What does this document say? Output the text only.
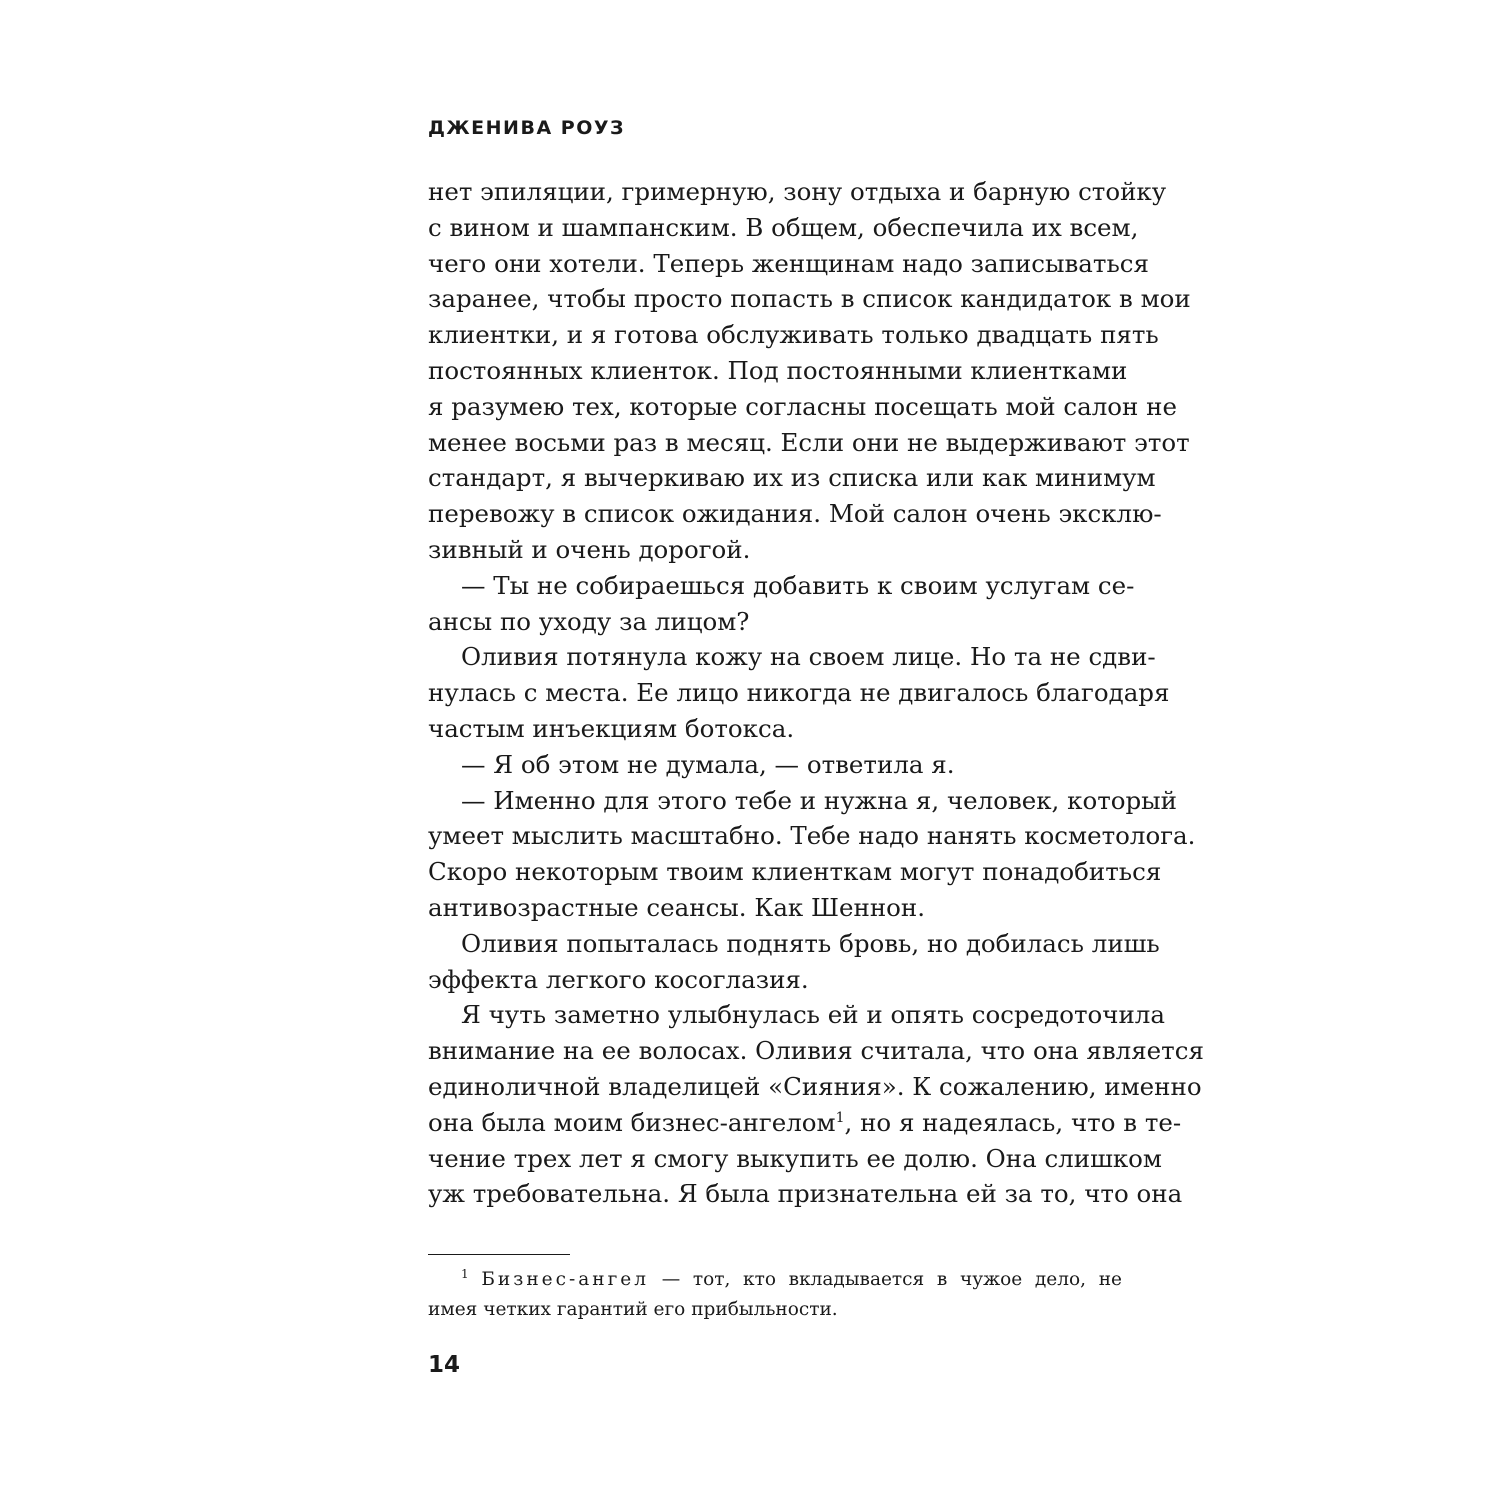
ДЖЕНИВА РОУЗ
нет эпиляции, гримерную, зону отдыха и барную стойку
с вином и шампанским. В общем, обеспечила их всем,
чего они хотели. Теперь женщинам надо записываться
заранее, чтобы просто попасть в список кандидаток в мои
клиентки, и я готова обслуживать только двадцать пять
постоянных клиенток. Под постоянными клиентками
я разумею тех, которые согласны посещать мой салон не
менее восьми раз в месяц. Если они не выдерживают этот
стандарт, я вычеркиваю их из списка или как минимум
перевожу в список ожидания. Мой салон очень эксклю-
зивный и очень дорогой.
— Ты не собираешься добавить к своим услугам се-
ансы по уходу за лицом?
Оливия потянула кожу на своем лице. Но та не сдви-
нулась с места. Ее лицо никогда не двигалось благодаря
частым инъекциям ботокса.
— Я об этом не думала, — ответила я.
— Именно для этого тебе и нужна я, человек, который
умеет мыслить масштабно. Тебе надо нанять косметолога.
Скоро некоторым твоим клиенткам могут понадобиться
антивозрастные сеансы. Как Шеннон.
Оливия попыталась поднять бровь, но добилась лишь
эффекта легкого косоглазия.
Я чуть заметно улыбнулась ей и опять сосредоточила
внимание на ее волосах. Оливия считала, что она является
единоличной владелицей «Сияния». К сожалению, именно
она была моим бизнес-ангелом$^1$, но я надеялась, что в те-
чение трех лет я смогу выкупить ее долю. Она слишком
уж требовательна. Я была признательна ей за то, что она
$^1$ Бизнес-ангел — тот, кто вкладывается в чужое дело, не
имея четких гарантий его прибыльности.
14
